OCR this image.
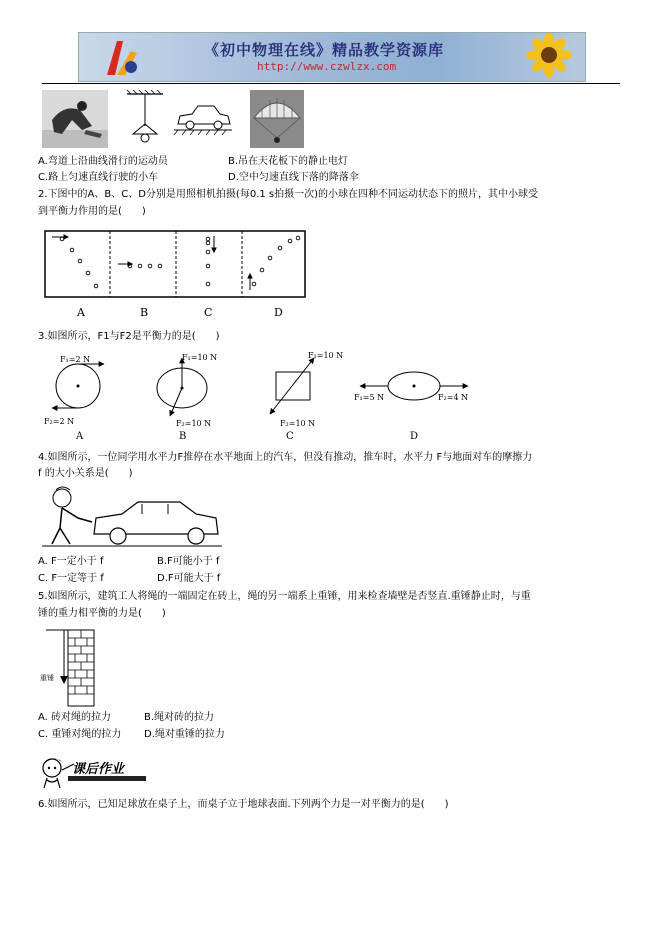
《初中物理在线》精品教学资源库
http://www.czwlzx.com
A.弯道上沿曲线滑行的运动员	B.吊在天花板下的静止电灯
C.路上匀速直线行驶的小车	D.空中匀速直线下落的降落伞
2.下图中的A、B、C、D分别是用照相机拍摄(每0.1 s拍摄一次)的小球在四种不同运动状态下的照片，其中小球受
到平衡力作用的是(　　)
A	B	C	D
3.如图所示，F1与F2是平衡力的是(　　)
F₁=2 N
F₂=2 N
A
F₁=10 N
F₂=10 N
B
F₁=10 N
F₂=10 N
C
F₁=5 N	F₂=4 N
D
4.如图所示，一位同学用水平力F推停在水平地面上的汽车，但没有推动，推车时，水平力 F与地面对车的摩擦力
f 的大小关系是(　　)
A. F一定小于 f	B.F可能小于 f
C. F一定等于 f	D.F可能大于 f
5.如图所示，建筑工人将绳的一端固定在砖上，绳的另一端系上重锤，用来检查墙壁是否竖直.重锤静止时，与重
锤的重力相平衡的力是(　　)
重锤
A. 砖对绳的拉力	B.绳对砖的拉力
C. 重锤对绳的拉力 D.绳对重锤的拉力
课后作业
6.如图所示，已知足球放在桌子上，而桌子立于地球表面.下列两个力是一对平衡力的是(　　)
